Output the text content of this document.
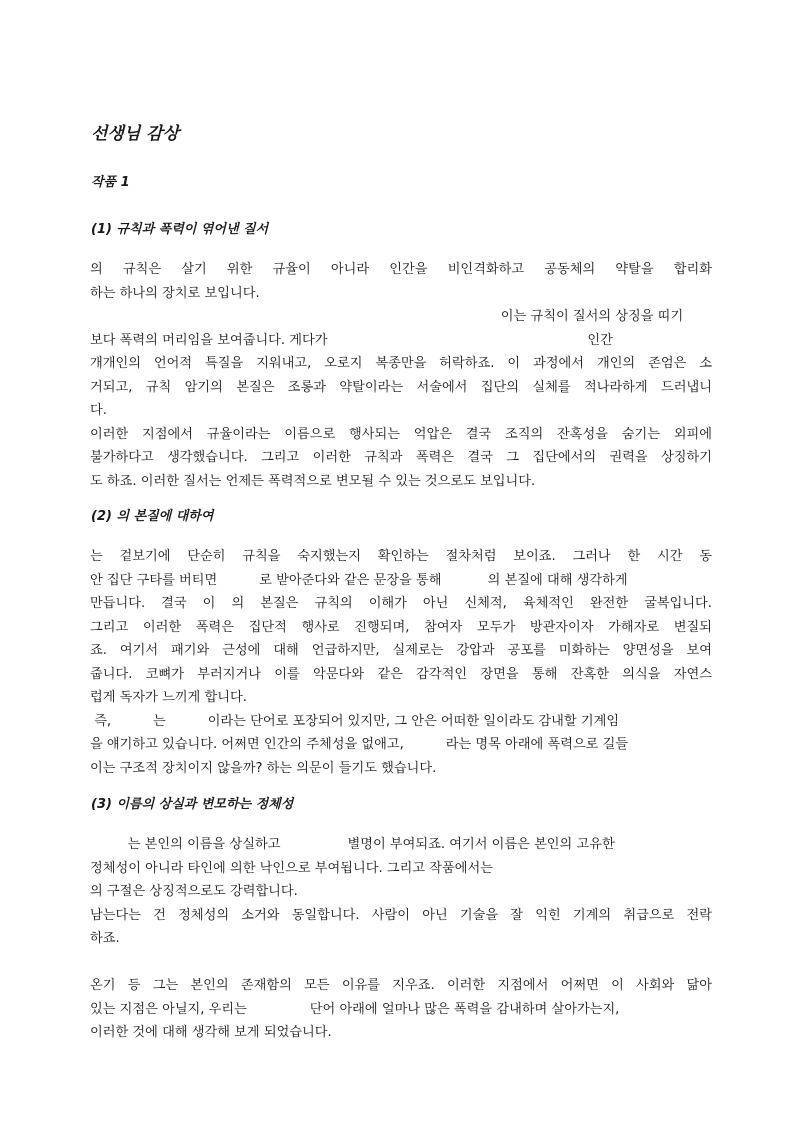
선생님 감상
작품 1
(1) 규칙과 폭력이 엮어낸 질서
의 규칙은 살기 위한 규율이 아니라 인간을 비인격화하고 공동체의 약탈을 합리화
하는 하나의 장치로 보입니다.
이는 규칙이 질서의 상징을 띠기
보다 폭력의 머리임을 보여줍니다. 게다가                                                              인간
개개인의 언어적 특질을 지워내고, 오로지 복종만을 허락하죠. 이 과정에서 개인의 존엄은 소
거되고, 규칙 암기의 본질은 조롱과 약탈이라는 서술에서 집단의 실체를 적나라하게 드러냅니
다.
이러한 지점에서 규율이라는 이름으로 행사되는 억압은 결국 조직의 잔혹성을 숨기는 외피에
불가하다고 생각했습니다. 그리고 이러한 규칙과 폭력은 결국 그 집단에서의 권력을 상징하기
도 하죠. 이러한 질서는 언제든 폭력적으로 변모될 수 있는 것으로도 보입니다.
(2) 의 본질에 대하여
는 겉보기에 단순히 규칙을 숙지했는지 확인하는 절차처럼 보이죠. 그러나 한 시간 동
안 집단 구타를 버티면          로 받아준다와 같은 문장을 통해           의 본질에 대해 생각하게
만듭니다. 결국 이 의 본질은 규칙의 이해가 아닌 신체적, 육체적인 완전한 굴복입니다.
그리고 이러한 폭력은 집단적 행사로 진행되며, 참여자 모두가 방관자이자 가해자로 변질되
죠. 여기서 패기와 근성에 대해 언급하지만, 실제로는 강압과 공포를 미화하는 양면성을 보여
줍니다. 코뼈가 부러지거나 이를 악문다와 같은 감각적인 장면을 통해 잔혹한 의식을 자연스
럽게 독자가 느끼게 합니다.
즉,          는          이라는 단어로 포장되어 있지만, 그 안은 어떠한 일이라도 감내할 기계임
을 얘기하고 있습니다. 어쩌면 인간의 주체성을 없애고,          라는 명목 아래에 폭력으로 길들
이는 구조적 장치이지 않을까? 하는 의문이 들기도 했습니다.
(3) 이름의 상실과 변모하는 정체성
는 본인의 이름을 상실하고                별명이 부여되죠. 여기서 이름은 본인의 고유한
정체성이 아니라 타인에 의한 낙인으로 부여됩니다. 그리고 작품에서는
의 구절은 상징적으로도 강력합니다.
남는다는 건 정체성의 소거와 동일합니다. 사람이 아닌 기술을 잘 익힌 기계의 취급으로 전락
하죠.

온기 등 그는 본인의 존재함의 모든 이유를 지우죠. 이러한 지점에서 어쩌면 이 사회와 닮아
있는 지점은 아닐지, 우리는               단어 아래에 얼마나 많은 폭력을 감내하며 살아가는지,
이러한 것에 대해 생각해 보게 되었습니다.
